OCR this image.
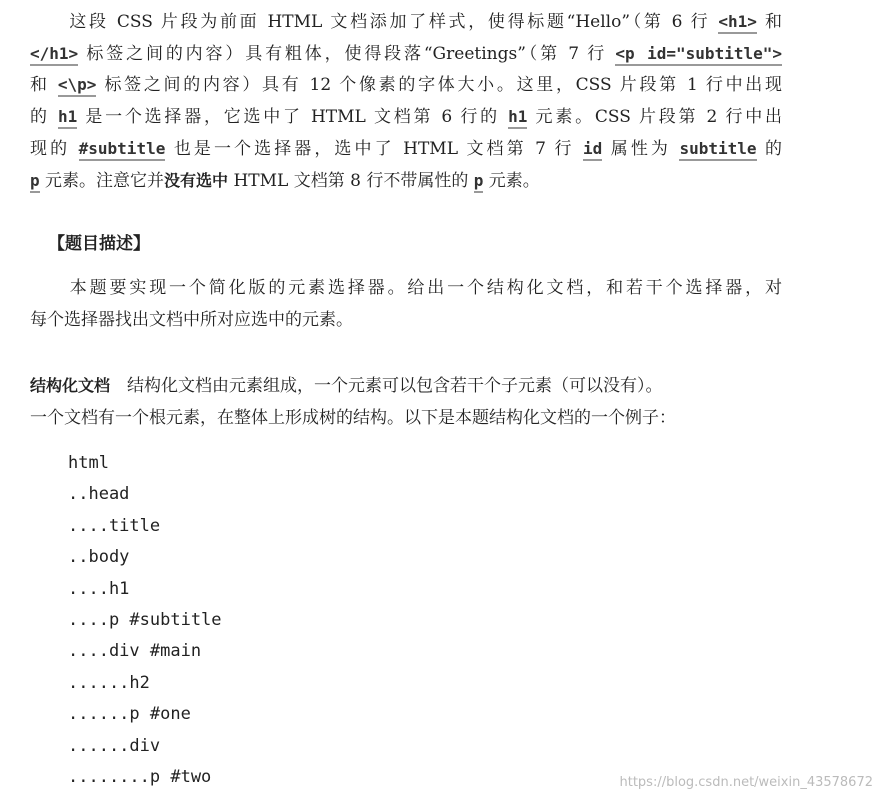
　　这段 CSS 片段为前面 HTML 文档添加了样式，使得标题“Hello”（第 6 行 <h1> 和
</h1> 标签之间的内容）具有粗体，使得段落“Greetings”（第 7 行 <p id="subtitle">
和 <\p> 标签之间的内容）具有 12 个像素的字体大小。这里，CSS 片段第 1 行中出现
的 h1 是一个选择器，它选中了 HTML 文档第 6 行的 h1 元素。CSS 片段第 2 行中出
现的 #subtitle 也是一个选择器，选中了 HTML 文档第 7 行 id 属性为 subtitle 的
p 元素。注意它并没有选中 HTML 文档第 8 行不带属性的 p 元素。
【题目描述】
　　本题要实现一个简化版的元素选择器。给出一个结构化文档，和若干个选择器，对
每个选择器找出文档中所对应选中的元素。
结构化文档　结构化文档由元素组成，一个元素可以包含若干个子元素（可以没有）。
一个文档有一个根元素，在整体上形成树的结构。以下是本题结构化文档的一个例子：
html
..head
....title
..body
....h1
....p #subtitle
....div #main
......h2
......p #one
......div
........p #two	https://blog.csdn.net/weixin_43578672
